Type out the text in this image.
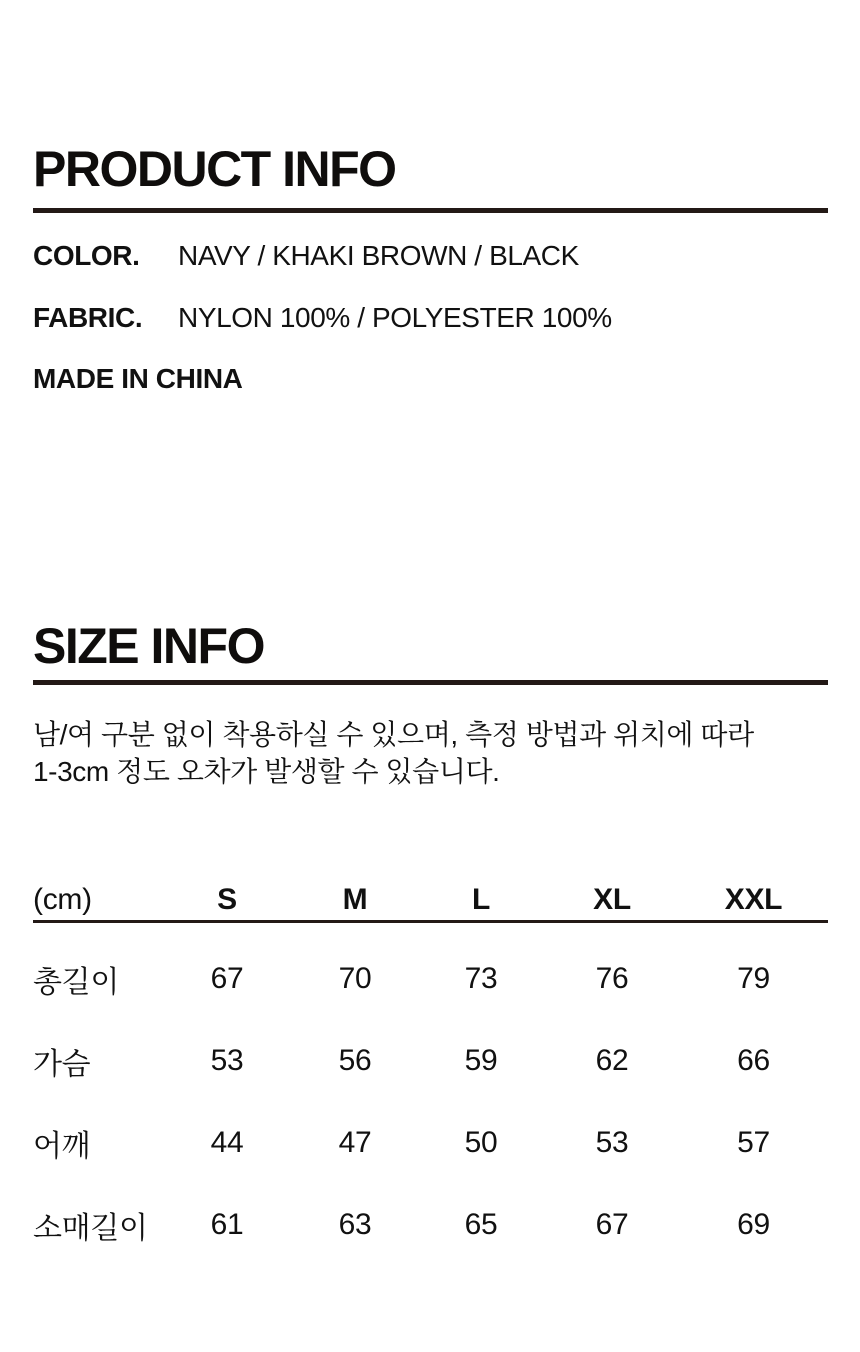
PRODUCT INFO
COLOR. NAVY / KHAKI BROWN / BLACK
FABRIC. NYLON 100% / POLYESTER 100%
MADE IN CHINA
SIZE INFO
남/여 구분 없이 착용하실 수 있으며, 측정 방법과 위치에 따라
1-3cm 정도 오차가 발생할 수 있습니다.
(cm)	S	M	L	XL	XXL

총길이	67	70	73	76	79
가슴	53	56	59	62	66
어깨	44	47	50	53	57
소매길이	61	63	65	67	69
